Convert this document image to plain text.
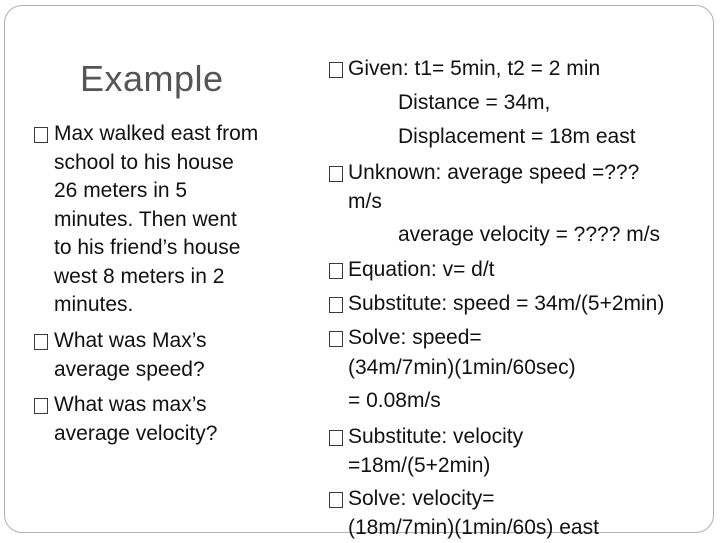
Example
Max walked east from
school to his house
26 meters in 5
minutes. Then went
to his friend’s house
west 8 meters in 2
minutes.
What was Max’s
average speed?
What was max’s
average velocity?
Given: t1= 5min, t2 = 2 min
Distance = 34m,
Displacement = 18m east
Unknown: average speed =???
m/s
average velocity = ???? m/s
Equation: v= d/t
Substitute: speed = 34m/(5+2min)
Solve: speed=
(34m/7min)(1min/60sec)
= 0.08m/s
Substitute: velocity
=18m/(5+2min)
Solve: velocity=
(18m/7min)(1min/60s) east
